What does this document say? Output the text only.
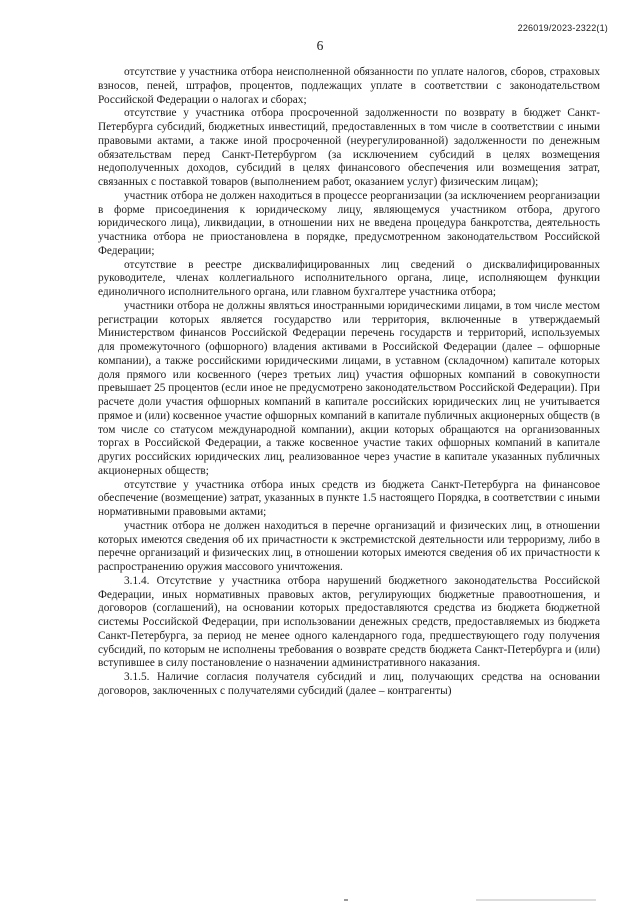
226019/2023-2322(1)
6

отсутствие у участника отбора неисполненной обязанности по уплате налогов, сборов, страховых взносов, пеней, штрафов, процентов, подлежащих уплате в соответствии с законодательством Российской Федерации о налогах и сборах;

отсутствие у участника отбора просроченной задолженности по возврату в бюджет Санкт-Петербурга субсидий, бюджетных инвестиций, предоставленных в том числе в соответствии с иными правовыми актами, а также иной просроченной (неурегулированной) задолженности по денежным обязательствам перед Санкт-Петербургом (за исключением субсидий в целях возмещения недополученных доходов, субсидий в целях финансового обеспечения или возмещения затрат, связанных с поставкой товаров (выполнением работ, оказанием услуг) физическим лицам);

участник отбора не должен находиться в процессе реорганизации (за исключением реорганизации в форме присоединения к юридическому лицу, являющемуся участником отбора, другого юридического лица), ликвидации, в отношении них не введена процедура банкротства, деятельность участника отбора не приостановлена в порядке, предусмотренном законодательством Российской Федерации;

отсутствие в реестре дисквалифицированных лиц сведений о дисквалифицированных руководителе, членах коллегиального исполнительного органа, лице, исполняющем функции единоличного исполнительного органа, или главном бухгалтере участника отбора;

участники отбора не должны являться иностранными юридическими лицами, в том числе местом регистрации которых является государство или территория, включенные в утверждаемый Министерством финансов Российской Федерации перечень государств и территорий, используемых для промежуточного (офшорного) владения активами в Российской Федерации (далее – офшорные компании), а также российскими юридическими лицами, в уставном (складочном) капитале которых доля прямого или косвенного (через третьих лиц) участия офшорных компаний в совокупности превышает 25 процентов (если иное не предусмотрено законодательством Российской Федерации). При расчете доли участия офшорных компаний в капитале российских юридических лиц не учитывается прямое и (или) косвенное участие офшорных компаний в капитале публичных акционерных обществ (в том числе со статусом международной компании), акции которых обращаются на организованных торгах в Российской Федерации, а также косвенное участие таких офшорных компаний в капитале других российских юридических лиц, реализованное через участие в капитале указанных публичных акционерных обществ;

отсутствие у участника отбора иных средств из бюджета Санкт-Петербурга на финансовое обеспечение (возмещение) затрат, указанных в пункте 1.5 настоящего Порядка, в соответствии с иными нормативными правовыми актами;

участник отбора не должен находиться в перечне организаций и физических лиц, в отношении которых имеются сведения об их причастности к экстремистской деятельности или терроризму, либо в перечне организаций и физических лиц, в отношении которых имеются сведения об их причастности к распространению оружия массового уничтожения.

3.1.4. Отсутствие у участника отбора нарушений бюджетного законодательства Российской Федерации, иных нормативных правовых актов, регулирующих бюджетные правоотношения, и договоров (соглашений), на основании которых предоставляются средства из бюджета бюджетной системы Российской Федерации, при использовании денежных средств, предоставляемых из бюджета Санкт-Петербурга, за период не менее одного календарного года, предшествующего году получения субсидий, по которым не исполнены требования о возврате средств бюджета Санкт-Петербурга и (или) вступившее в силу постановление о назначении административного наказания.

3.1.5. Наличие согласия получателя субсидий и лиц, получающих средства на основании договоров, заключенных с получателями субсидий (далее – контрагенты)
